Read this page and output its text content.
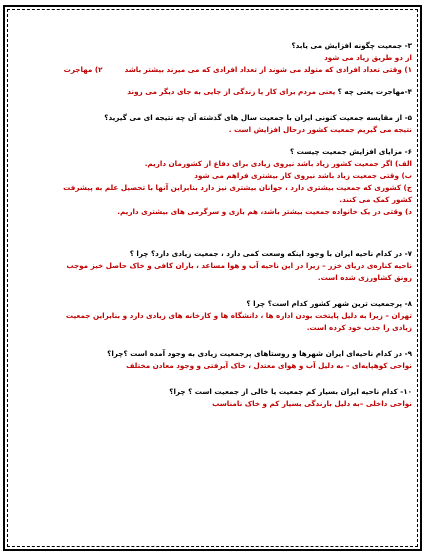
۳- جمعیت چگونه افزایش می یابد؟
از دو طریق زیاد می شود
۱) وقتی تعداد افرادی که متولد می شوند از تعداد افرادی که می میرند بیشتر باشد
۲) مهاجرت
۴-مهاجرت یعنی چه ؟ یعنی مردم برای کار یا زندگی از جایی به جای دیگر می روند
۵- از مقایسه جمعیت کنونی ایران با جمعیت سال های گذشته آن چه نتیجه ای می گیرید؟
نتیجه می گیریم جمعیت کشور درحال افزایش است .
۶- مزایای افزایش جمعیت چیست ؟
الف) اگر جمعیت کشور زیاد باشد نیروی زیادی برای دفاع از کشورمان داریم.
ب) وقتی جمعیت زیاد باشد نیروی کار بیشتری فراهم می شود
ج) کشوری که جمعیت بیشتری دارد ، جوانان بیشتری نیز دارد بنابراین آنها با تحصیل علم به پیشرفت
کشور کمک می کنند.
د) وقتی در یک خانواده جمعیت بیشتر باشد، هم بازی و سرگرمی های بیشتری داریم.
۷- در کدام ناحیه ایران با وجود اینکه وسعت کمی دارد ، جمعیت زیادی دارد؟ چرا ؟
ناحیه کناره‌ی دریای خزر – زیرا در این ناحیه آب و هوا مساعد ، باران کافی و خاک حاصل خیز موجب
رونق کشاورزی شده است.
۸- پرجمعیت ترین شهر کشور کدام است؟ چرا ؟
تهران – زیرا به دلیل پایتخت بودن اداره ها ، دانشگاه ها و کارخانه های زیادی دارد و بنابراین جمعیت
زیادی را جذب خود کرده است.
۹- در کدام ناحیه‌ای ایران شهرها و روستاهای پرجمعیت زیادی به وجود آمده است ؟چرا؟
نواحی کوهپایه‌ای – به دلیل آب و هوای معتدل ، خاک آبرفتی و وجود معادن مختلف
۱۰- کدام ناحیه ایران بسیار کم جمعیت یا خالی از جمعیت است ؟ چرا؟
نواحی داخلی –به دلیل بارندگی بسیار کم و خاک نامناسب
